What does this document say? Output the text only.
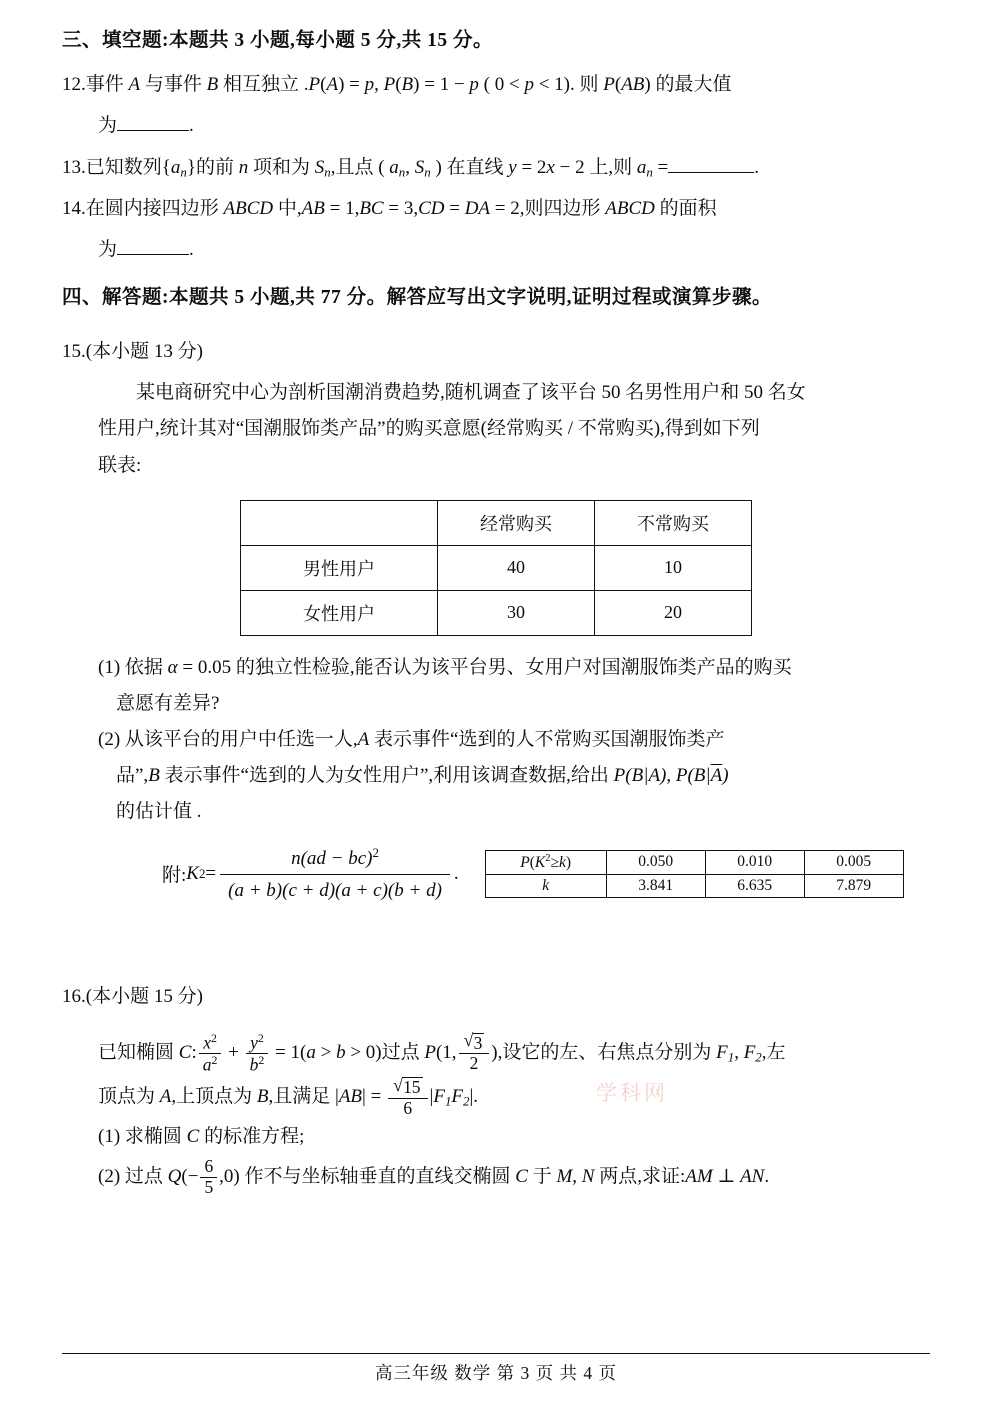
三、填空题:本题共 3 小题,每小题 5 分,共 15 分。
12.事件 A 与事件 B 相互独立 .P(A) = p, P(B) = 1 − p ( 0 < p < 1). 则 P(AB) 的最大值
为	.
13.已知数列$\{a_n\}$的前 n 项和为 $S_n$,且点 ( $a_n$, $S_n$ ) 在直线 y = 2x − 2 上,则 $a_n$ =	.
14.在圆内接四边形 ABCD 中,AB = 1,BC = 3,CD = DA = 2,则四边形 ABCD 的面积
为	.
四、解答题:本题共 5 小题,共 77 分。解答应写出文字说明,证明过程或演算步骤。
15.(本小题 13 分)
某电商研究中心为剖析国潮消费趋势,随机调查了该平台 50 名男性用户和 50 名女
性用户,统计其对“国潮服饰类产品”的购买意愿(经常购买 / 不常购买),得到如下列
联表:
	经常购买	不常购买
男性用户	40	10
女性用户	30	20
(1) 依据 α = 0.05 的独立性检验,能否认为该平台男、女用户对国潮服饰类产品的购买
意愿有差异?
(2) 从该平台的用户中任选一人,A 表示事件“选到的人不常购买国潮服饰类产
品”,B 表示事件“选到的人为女性用户”,利用该调查数据,给出 P(B|A), $P(B|\overline{A})$
的估计值 .
附: K $2 = \frac{n(ad - bc)^2}{(a + b)(c + d)(a + c)(b + d)}$ .
$P(K^2\ge k)$	0.050	0.010	0.005
k	3.841	6.635	7.879
16.(本小题 15 分)
已知椭圆 C: $\frac{x^2}{a^2} + \frac{y^2}{b^2} = 1(a > b > 0)$过点 P(1, √ $\frac{3}{2}$ ),设它的左、右焦点分别为 $F_1$, $F_2$,左
顶点为 A,上顶点为 B,且满足 |AB| = √ $\frac{15}{6} |F_1F_2|$.
(1) 求椭圆 C 的标准方程;
(2) 过点 $Q(- \frac{6}{5} ,0)$ 作不与坐标轴垂直的直线交椭圆 C 于 M, N 两点,求证:AM ⊥ AN.
学科网
高三年级 数学 第 3 页 共 4 页
